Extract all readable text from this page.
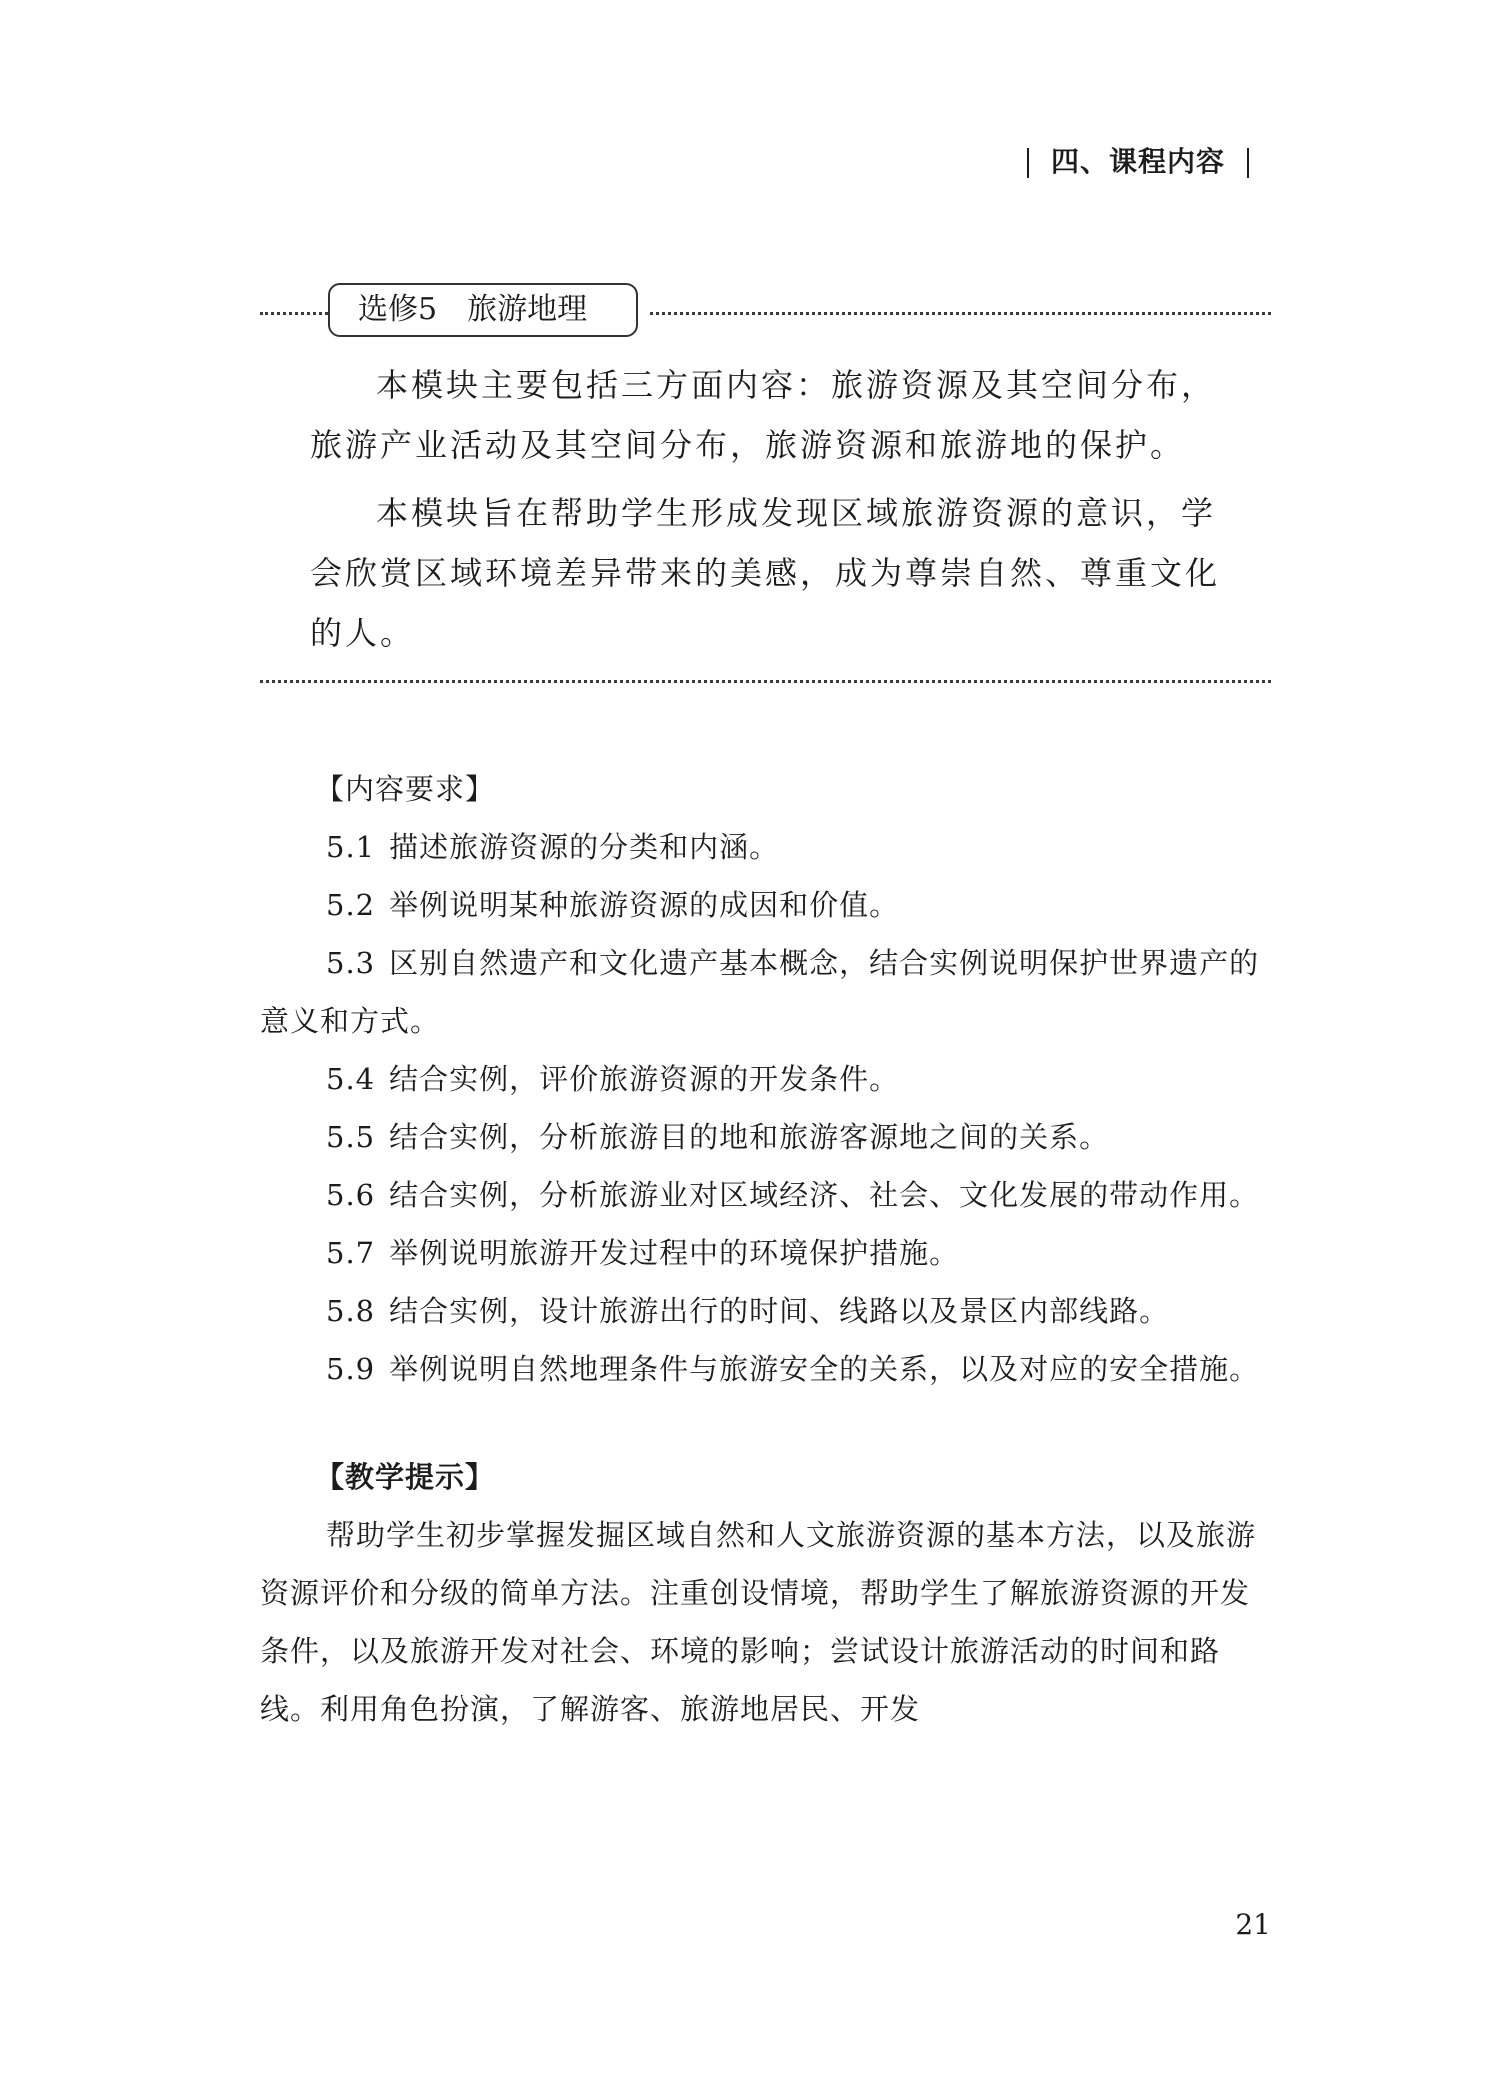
四、课程内容
选修5 旅游地理

本模块主要包括三方面内容：旅游资源及其空间分布，旅游产业活动及其空间分布，旅游资源和旅游地的保护。

本模块旨在帮助学生形成发现区域旅游资源的意识，学会欣赏区域环境差异带来的美感，成为尊崇自然、尊重文化的人。

【内容要求】

5.1 描述旅游资源的分类和内涵。

5.2 举例说明某种旅游资源的成因和价值。

5.3 区别自然遗产和文化遗产基本概念，结合实例说明保护世界遗产的意义和方式。

5.4 结合实例，评价旅游资源的开发条件。

5.5 结合实例，分析旅游目的地和旅游客源地之间的关系。

5.6 结合实例，分析旅游业对区域经济、社会、文化发展的带动作用。

5.7 举例说明旅游开发过程中的环境保护措施。

5.8 结合实例，设计旅游出行的时间、线路以及景区内部线路。

5.9 举例说明自然地理条件与旅游安全的关系，以及对应的安全措施。

【教学提示】

帮助学生初步掌握发掘区域自然和人文旅游资源的基本方法，以及旅游资源评价和分级的简单方法。注重创设情境，帮助学生了解旅游资源的开发条件，以及旅游开发对社会、环境的影响；尝试设计旅游活动的时间和路线。利用角色扮演，了解游客、旅游地居民、开发

21
